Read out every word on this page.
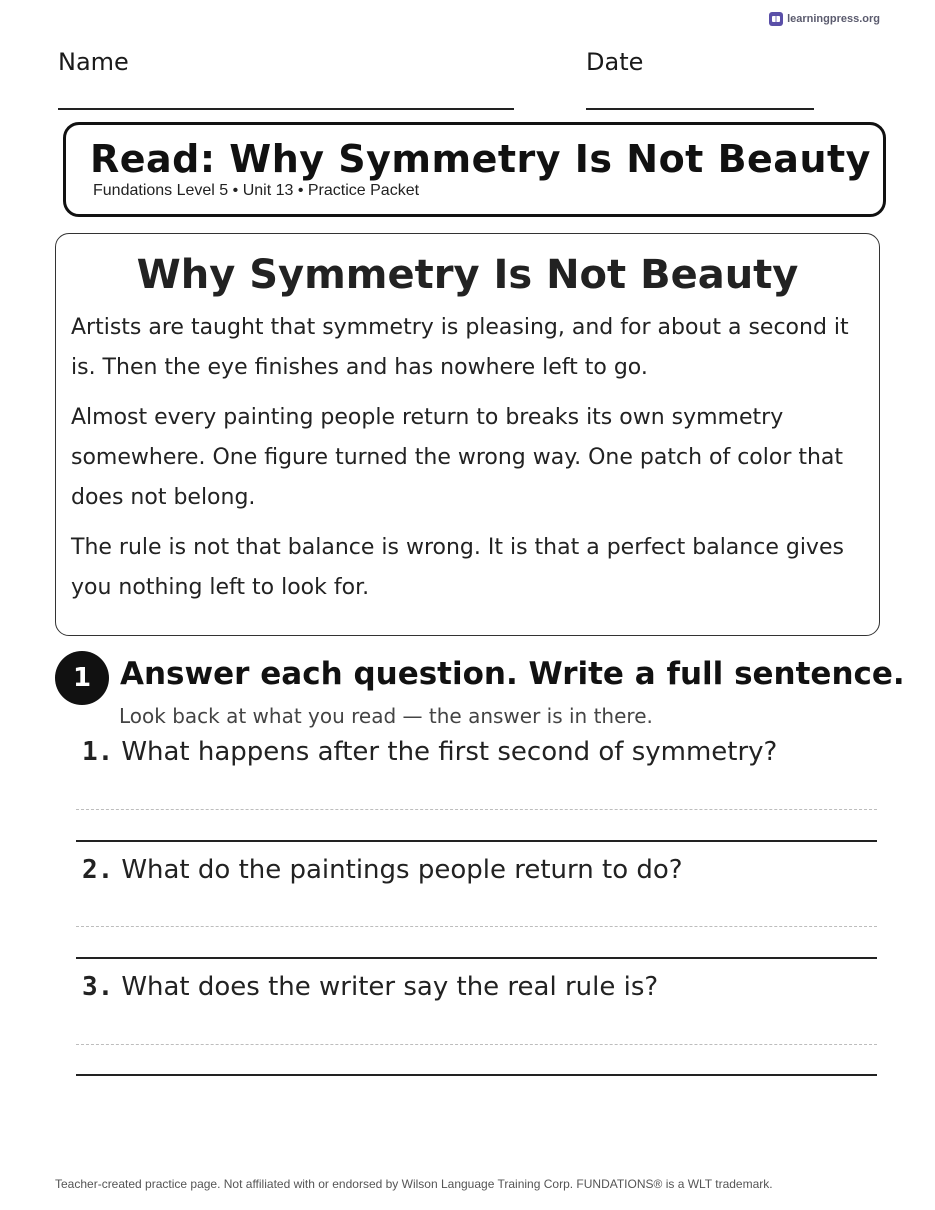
learningpress.org
Name	Date
Read: Why Symmetry Is Not Beauty
Fundations Level 5 • Unit 13 • Practice Packet
Why Symmetry Is Not Beauty

Artists are taught that symmetry is pleasing, and for about a second it is. Then the eye finishes and has nowhere left to go.

Almost every painting people return to breaks its own symmetry somewhere. One figure turned the wrong way. One patch of color that does not belong.

The rule is not that balance is wrong. It is that a perfect balance gives you nothing left to look for.

1 Answer each question. Write a full sentence.
Look back at what you read — the answer is in there.
1. What happens after the first second of symmetry?
2. What do the paintings people return to do?
3. What does the writer say the real rule is?
Teacher-created practice page. Not affiliated with or endorsed by Wilson Language Training Corp. FUNDATIONS® is a WLT trademark.
